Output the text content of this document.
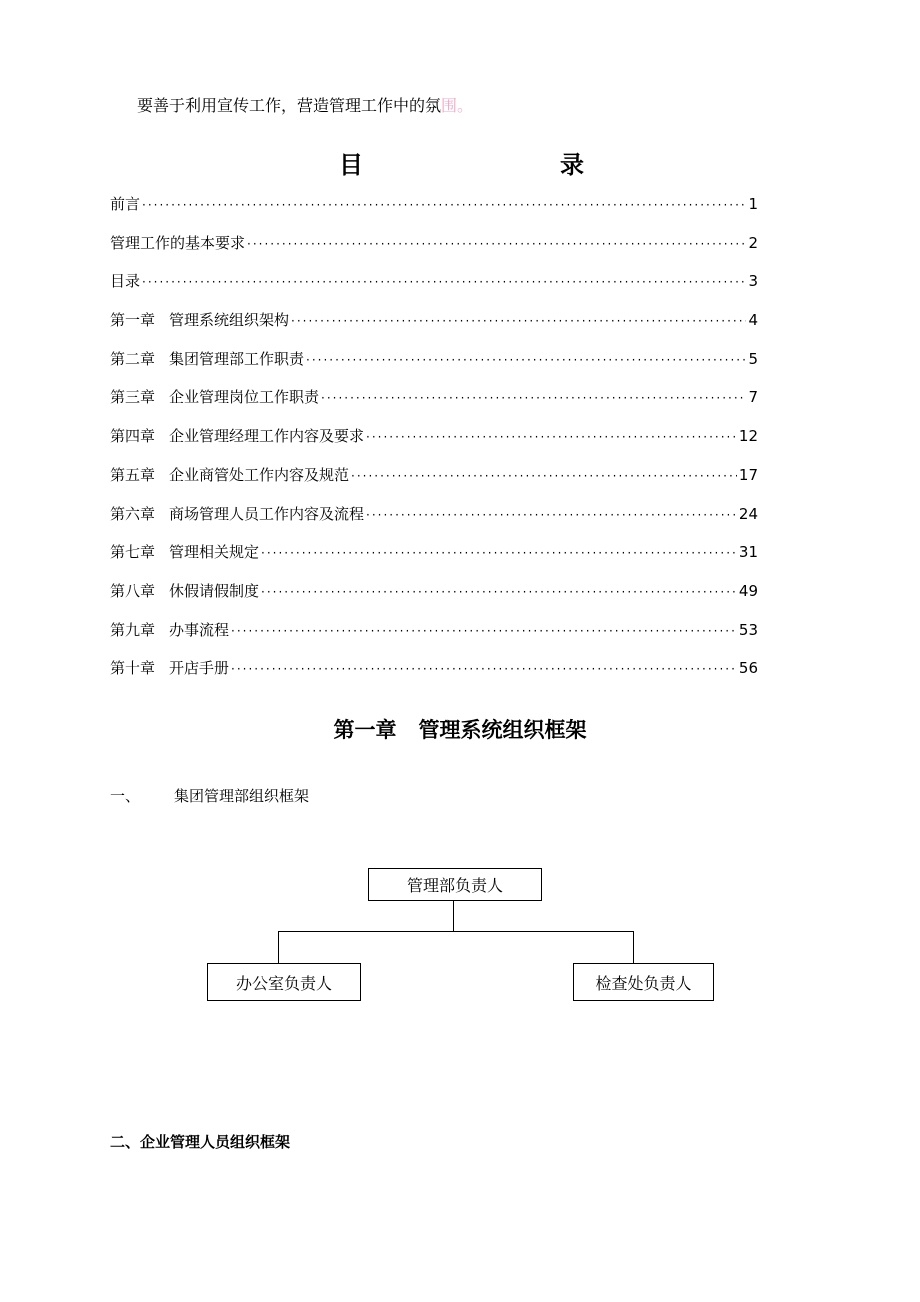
要善于利用宣传工作，营造管理工作中的氛围。
目	录
前言 ·····	1
管理工作的基本要求 ·····	2
目录 ·····	3
第一章 管理系统组织架构 ·····	4
第二章 集团管理部工作职责 ·····	5
第三章 企业管理岗位工作职责 ·····	7
第四章 企业管理经理工作内容及要求 ·····	12
第五章 企业商管处工作内容及规范 ·····	17
第六章 商场管理人员工作内容及流程 ·····	24
第七章 管理相关规定 ·····	31
第八章 休假请假制度 ·····	49
第九章 办事流程 ·····	53
第十章 开店手册 ·····	56
第一章   管理系统组织框架
一、 集团管理部组织框架
管理部负责人
办公室负责人	检查处负责人
二、企业管理人员组织框架
